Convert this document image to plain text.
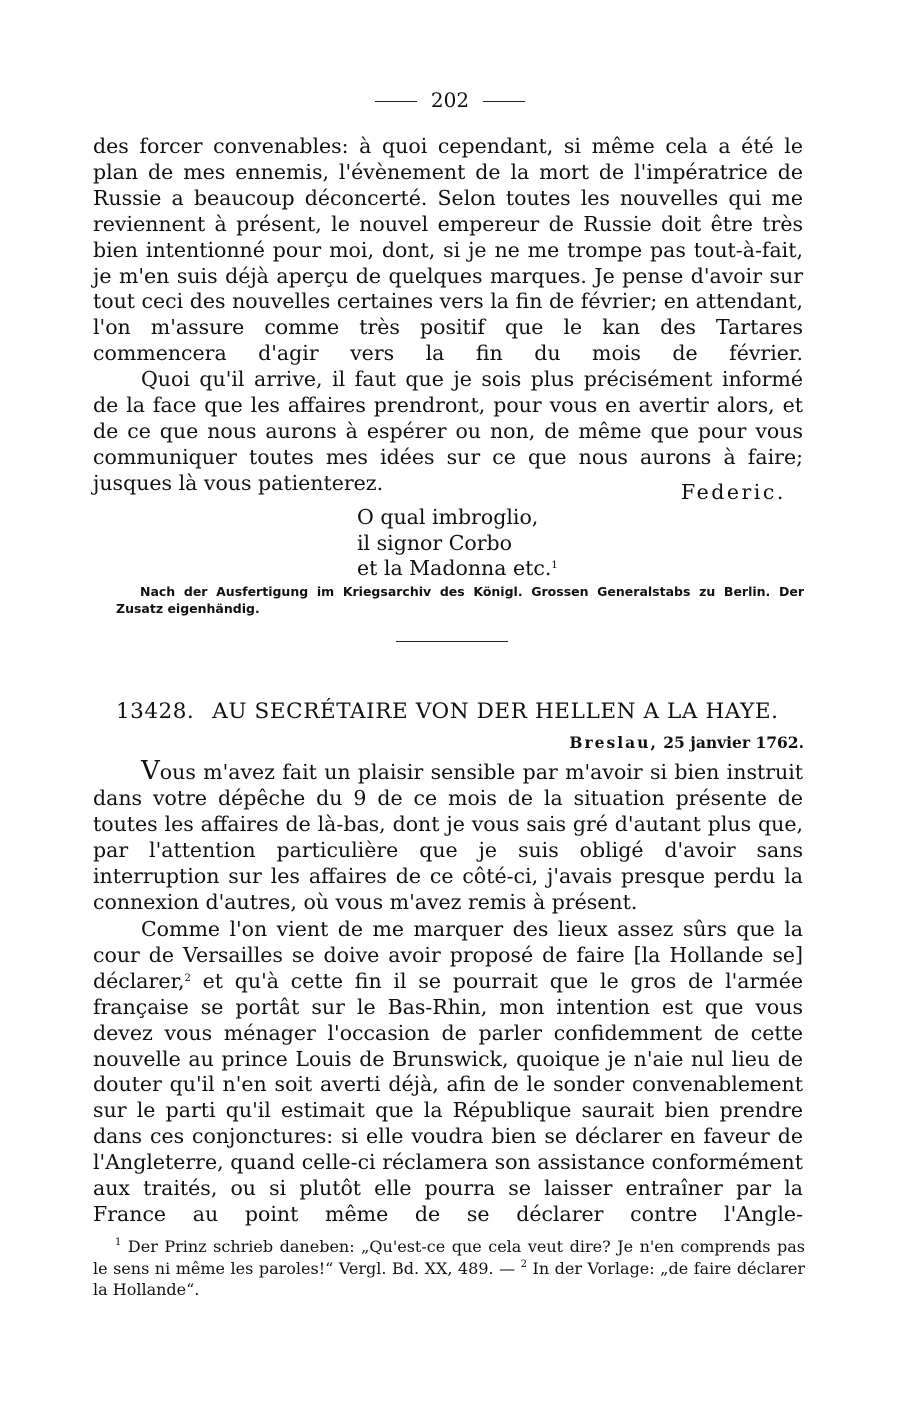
202

des forcer convenables: à quoi cependant, si même cela a été le plan de mes ennemis, l'évènement de la mort de l'impératrice de Russie a beaucoup déconcerté. Selon toutes les nouvelles qui me reviennent à présent, le nouvel empereur de Russie doit être très bien intentionné pour moi, dont, si je ne me trompe pas tout-à-fait, je m'en suis déjà aperçu de quelques marques. Je pense d'avoir sur tout ceci des nouvelles certaines vers la fin de février; en attendant, l'on m'assure comme très positif que le kan des Tartares commencera d'agir vers la fin du mois de février.

Quoi qu'il arrive, il faut que je sois plus précisément informé de la face que les affaires prendront, pour vous en avertir alors, et de ce que nous aurons à espérer ou non, de même que pour vous communiquer toutes mes idées sur ce que nous aurons à faire; jusques là vous patienterez.	Federic.
O qual imbroglio,
il signor Corbo
et la Madonna etc.$^1$

Nach der Ausfertigung im Kriegsarchiv des Königl. Grossen Generalstabs zu Berlin. Der Zusatz eigenhändig.

13428. AU SECRÉTAIRE VON DER HELLEN A LA HAYE.
Breslau, 25 janvier 1762.

Vous m'avez fait un plaisir sensible par m'avoir si bien instruit dans votre dépêche du 9 de ce mois de la situation présente de toutes les affaires de là-bas, dont je vous sais gré d'autant plus que, par l'attention particulière que je suis obligé d'avoir sans interruption sur les affaires de ce côté-ci, j'avais presque perdu la connexion d'autres, où vous m'avez remis à présent.

Comme l'on vient de me marquer des lieux assez sûrs que la cour de Versailles se doive avoir proposé de faire [la Hollande se] déclarer,$^2$ et qu'à cette fin il se pourrait que le gros de l'armée française se portât sur le Bas-Rhin, mon intention est que vous devez vous ménager l'occasion de parler confidemment de cette nouvelle au prince Louis de Brunswick, quoique je n'aie nul lieu de douter qu'il n'en soit averti déjà, afin de le sonder convenablement sur le parti qu'il estimait que la République saurait bien prendre dans ces conjonctures: si elle voudra bien se déclarer en faveur de l'Angleterre, quand celle-ci réclamera son assistance conformément aux traités, ou si plutôt elle pourra se laisser entraîner par la France au point même de se déclarer contre l'Angle-

$^1$ Der Prinz schrieb daneben: „Qu'est-ce que cela veut dire? Je n'en comprends pas le sens ni même les paroles!“ Vergl. Bd. XX, 489. — $^2$ In der Vorlage: „de faire déclarer la Hollande“.
